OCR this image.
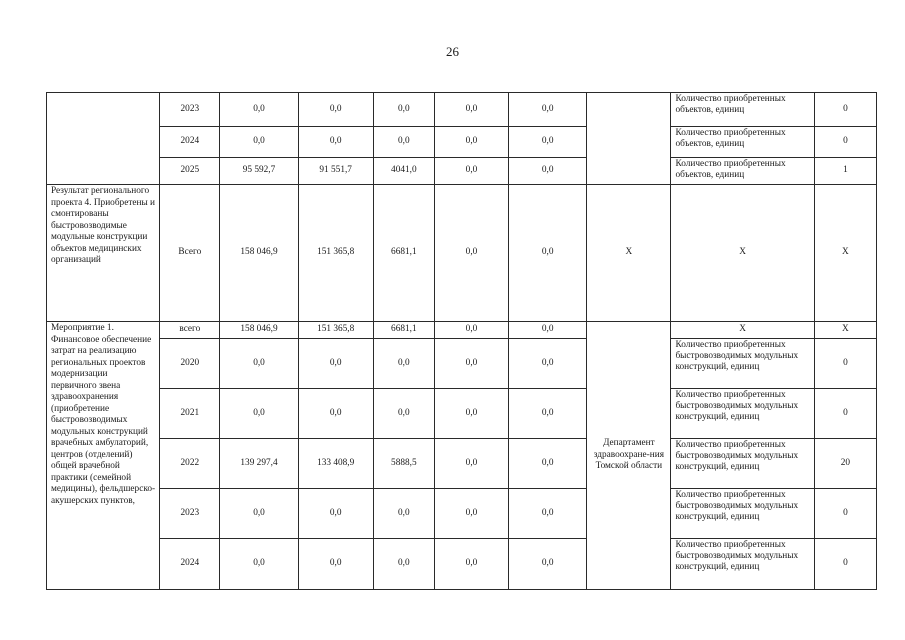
26
	2023	0,0	0,0	0,0	0,0	0,0		Количество приобретенных объектов, единиц	0
	2024	0,0	0,0	0,0	0,0	0,0		Количество приобретенных объектов, единиц	0
	2025	95 592,7	91 551,7	4041,0	0,0	0,0		Количество приобретенных объектов, единиц	1
Результат регионального проекта 4. Приобретены и смонтированы быстровозводимые модульные конструкции объектов медицинских организаций	Всего	158 046,9	151 365,8	6681,1	0,0	0,0	X	X	X
Мероприятие 1. Финансовое обеспечение затрат на реализацию региональных проектов модернизации первичного звена здравоохранения (приобретение быстровозводимых модульных конструкций врачебных амбулаторий, центров (отделений) общей врачебной практики (семейной медицины), фельдшерско-акушерских пунктов,	всего	158 046,9	151 365,8	6681,1	0,0	0,0	Департамент здравоохране-ния Томской области	X	X
	2020	0,0	0,0	0,0	0,0	0,0		Количество приобретенных быстровозводимых модульных конструкций, единиц	0
	2021	0,0	0,0	0,0	0,0	0,0		Количество приобретенных быстровозводимых модульных конструкций, единиц	0
	2022	139 297,4	133 408,9	5888,5	0,0	0,0		Количество приобретенных быстровозводимых модульных конструкций, единиц	20
	2023	0,0	0,0	0,0	0,0	0,0		Количество приобретенных быстровозводимых модульных конструкций, единиц	0
	2024	0,0	0,0	0,0	0,0	0,0		Количество приобретенных быстровозводимых модульных конструкций, единиц	0
